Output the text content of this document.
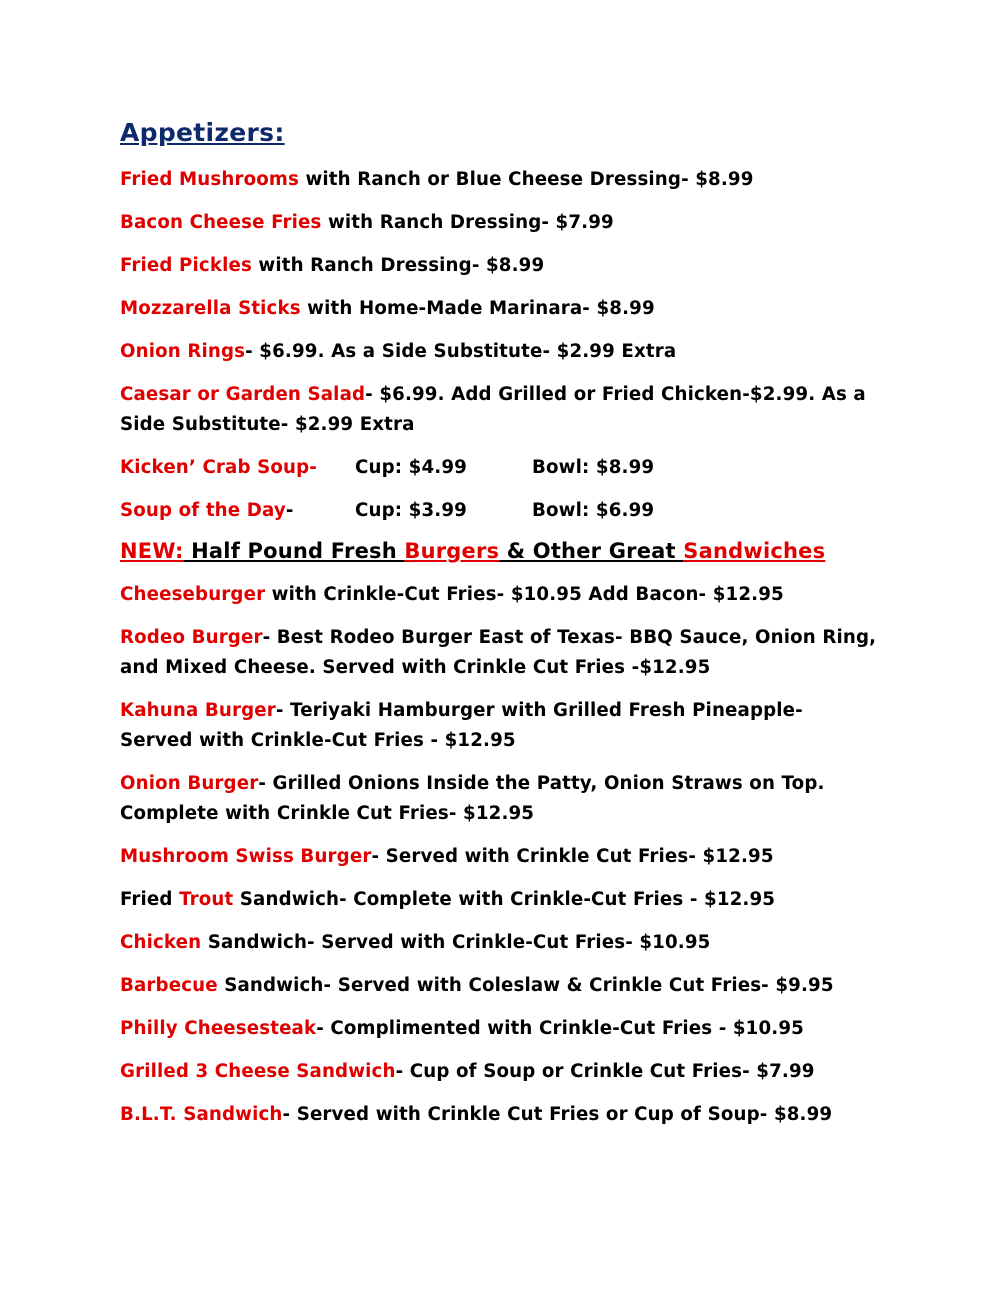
Appetizers:
Fried Mushrooms with Ranch or Blue Cheese Dressing- $8.99
Bacon Cheese Fries with Ranch Dressing- $7.99
Fried Pickles with Ranch Dressing- $8.99
Mozzarella Sticks with Home-Made Marinara- $8.99
Onion Rings- $6.99. As a Side Substitute- $2.99 Extra
Caesar or Garden Salad- $6.99. Add Grilled or Fried Chicken-$2.99. As a Side Substitute- $2.99 Extra
Kicken’ Crab Soup-	Cup: $4.99	Bowl: $8.99
Soup of the Day-	Cup: $3.99	Bowl: $6.99
NEW: Half Pound Fresh Burgers & Other Great Sandwiches
Cheeseburger with Crinkle-Cut Fries- $10.95 Add Bacon- $12.95
Rodeo Burger- Best Rodeo Burger East of Texas- BBQ Sauce, Onion Ring, and Mixed Cheese. Served with Crinkle Cut Fries -$12.95
Kahuna Burger- Teriyaki Hamburger with Grilled Fresh Pineapple- Served with Crinkle-Cut Fries - $12.95
Onion Burger- Grilled Onions Inside the Patty, Onion Straws on Top. Complete with Crinkle Cut Fries- $12.95
Mushroom Swiss Burger- Served with Crinkle Cut Fries- $12.95
Fried Trout Sandwich- Complete with Crinkle-Cut Fries - $12.95
Chicken Sandwich- Served with Crinkle-Cut Fries- $10.95
Barbecue Sandwich- Served with Coleslaw & Crinkle Cut Fries- $9.95
Philly Cheesesteak- Complimented with Crinkle-Cut Fries - $10.95
Grilled 3 Cheese Sandwich- Cup of Soup or Crinkle Cut Fries- $7.99
B.L.T. Sandwich- Served with Crinkle Cut Fries or Cup of Soup- $8.99
